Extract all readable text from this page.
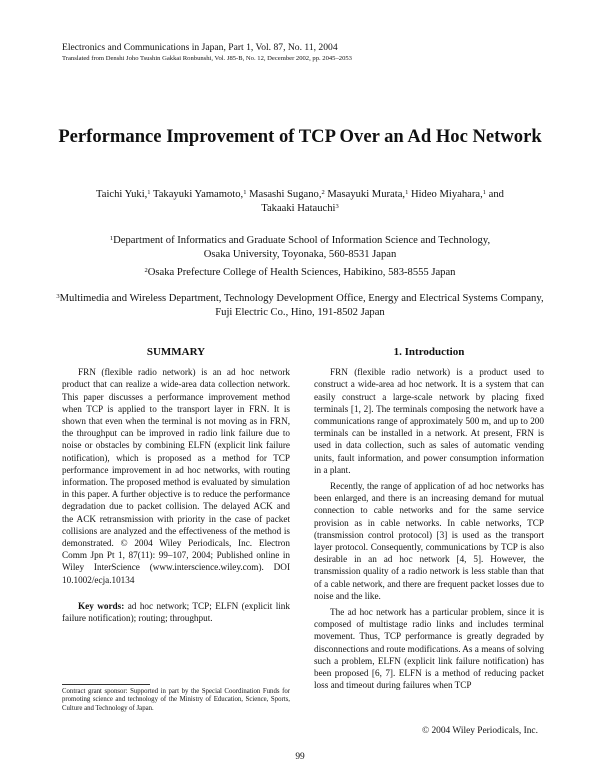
Electronics and Communications in Japan, Part 1, Vol. 87, No. 11, 2004
Translated from Denshi Joho Tsushin Gakkai Ronbunshi, Vol. J85-B, No. 12, December 2002, pp. 2045–2053
Performance Improvement of TCP Over an Ad Hoc Network
Taichi Yuki,$^1$ Takayuki Yamamoto,$^1$ Masashi Sugano,$^2$ Masayuki Murata,$^1$ Hideo Miyahara,$^1$ and
Takaaki Hatauchi$^3$
$^1$Department of Informatics and Graduate School of Information Science and Technology,
Osaka University, Toyonaka, 560-8531 Japan
$^2$Osaka Prefecture College of Health Sciences, Habikino, 583-8555 Japan
$^3$Multimedia and Wireless Department, Technology Development Office, Energy and Electrical Systems Company,
Fuji Electric Co., Hino, 191-8502 Japan
SUMMARY

FRN (flexible radio network) is an ad hoc network product that can realize a wide-area data collection network. This paper discusses a performance improvement method when TCP is applied to the transport layer in FRN. It is shown that even when the terminal is not moving as in FRN, the throughput can be improved in radio link failure due to noise or obstacles by combining ELFN (explicit link failure notification), which is proposed as a method for TCP performance improvement in ad hoc networks, with routing information. The proposed method is evaluated by simulation in this paper. A further objective is to reduce the performance degradation due to packet collision. The delayed ACK and the ACK retransmission with priority in the case of packet collisions are analyzed and the effectiveness of the method is demonstrated. © 2004 Wiley Periodicals, Inc. Electron Comm Jpn Pt 1, 87(11): 99–107, 2004; Published online in Wiley InterScience (www.interscience.wiley.com). DOI 10.1002/ecja.10134

Key words: ad hoc network; TCP; ELFN (explicit link failure notification); routing; throughput.

Contract grant sponsor: Supported in part by the Special Coordination Funds for promoting science and technology of the Ministry of Education, Science, Sports, Culture and Technology of Japan.
1. Introduction

FRN (flexible radio network) is a product used to construct a wide-area ad hoc network. It is a system that can easily construct a large-scale network by placing fixed terminals [1, 2]. The terminals composing the network have a communications range of approximately 500 m, and up to 200 terminals can be installed in a network. At present, FRN is used in data collection, such as sales of automatic vending units, fault information, and power consumption information in a plant.

Recently, the range of application of ad hoc networks has been enlarged, and there is an increasing demand for mutual connection to cable networks and for the same service provision as in cable networks. In cable networks, TCP (transmission control protocol) [3] is used as the transport layer protocol. Consequently, communications by TCP is also desirable in an ad hoc network [4, 5]. However, the transmission quality of a radio network is less stable than that of a cable network, and there are frequent packet losses due to noise and the like.

The ad hoc network has a particular problem, since it is composed of multistage radio links and includes terminal movement. Thus, TCP performance is greatly degraded by disconnections and route modifications. As a means of solving such a problem, ELFN (explicit link failure notification) has been proposed [6, 7]. ELFN is a method of reducing packet loss and timeout during failures when TCP

© 2004 Wiley Periodicals, Inc.
99
